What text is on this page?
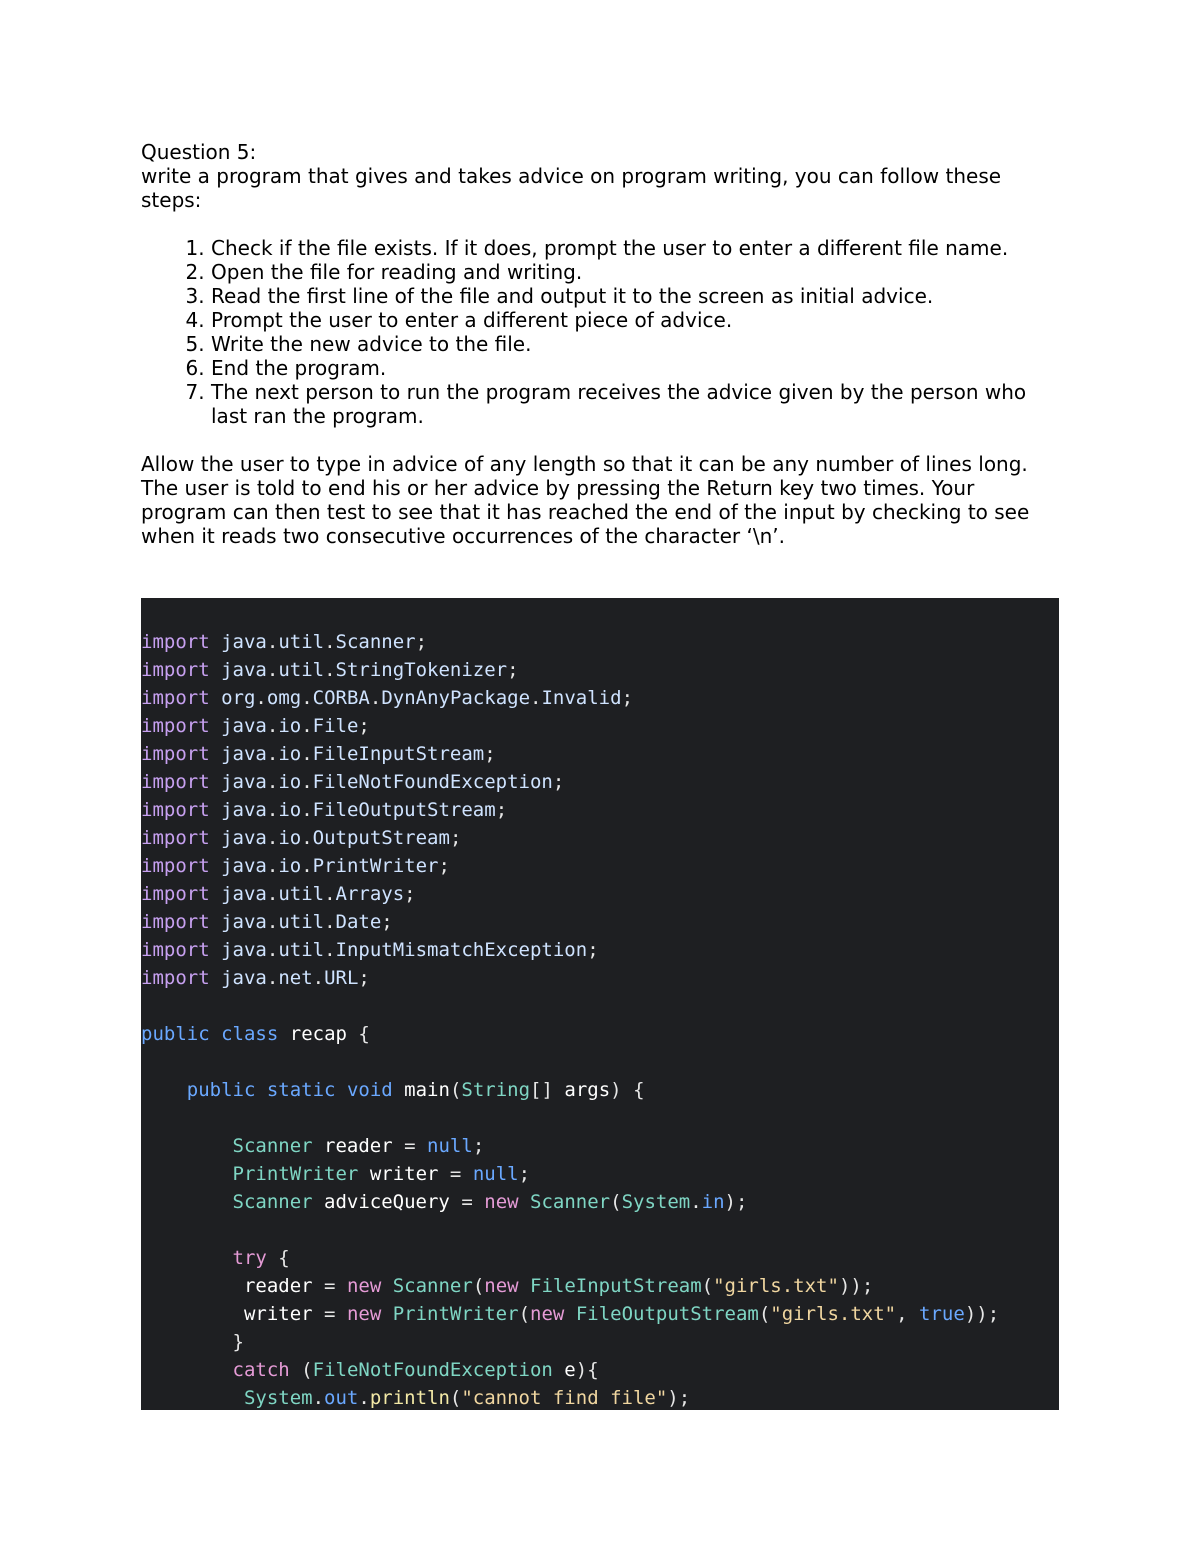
Question 5:

write a program that gives and takes advice on program writing, you can follow these steps:

1. Check if the file exists. If it does, prompt the user to enter a different file name.
2. Open the file for reading and writing.
3. Read the first line of the file and output it to the screen as initial advice.
4. Prompt the user to enter a different piece of advice.
5. Write the new advice to the file.
6. End the program.
7. The next person to run the program receives the advice given by the person who last ran the program.

Allow the user to type in advice of any length so that it can be any number of lines long. The user is told to end his or her advice by pressing the Return key two times. Your program can then test to see that it has reached the end of the input by checking to see when it reads two consecutive occurrences of the character ‘\n’.

import java.util.Scanner;
import java.util.StringTokenizer;
import org.omg.CORBA.DynAnyPackage.Invalid;
import java.io.File;
import java.io.FileInputStream;
import java.io.FileNotFoundException;
import java.io.FileOutputStream;
import java.io.OutputStream;
import java.io.PrintWriter;
import java.util.Arrays;
import java.util.Date;
import java.util.InputMismatchException;
import java.net.URL;

public class recap {

public static void main(String[] args) {

Scanner reader = null;
PrintWriter writer = null;
Scanner adviceQuery = new Scanner(System.in);

try {
reader = new Scanner(new FileInputStream("girls.txt"));
writer = new PrintWriter(new FileOutputStream("girls.txt", true));
}
catch (FileNotFoundException e){
System.out.println("cannot find file");
